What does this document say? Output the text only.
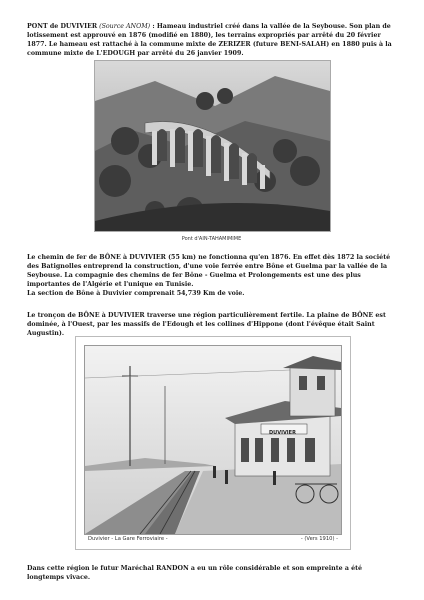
PONT de DUVIVIER (Source ANOM) : Hameau industriel créé dans la vallée de la Seybouse. Son plan de lotissement est approuvé en 1876 (modifié en 1880), les terrains expropriés par arrêté du 20 février 1877. Le hameau est rattaché à la commune mixte de ZERIZER (future BENI-SALAH) en 1880 puis à la commune mixte de L'EDOUGH par arrêté du 26 janvier 1909.

Pont d'AIN-TAHAMIMIME

Le chemin de fer de BÔNE à DUVIVIER (55 km) ne fonctionna qu'en 1876. En effet dès 1872 la société des Batignolles entreprend la construction, d'une voie ferrée entre Bône et Guelma par la vallée de la Seybouse. La compagnie des chemins de fer Bône - Guelma et Prolongements est une des plus importantes de l'Algérie et l'unique en Tunisie.
La section de Bône à Duvivier comprenait 54,739 Km de voie.

Le tronçon de BÔNE à DUVIVIER traverse une région particulièrement fertile. La plaine de BÔNE est dominée, à l'Ouest, par les massifs de l'Edough et les collines d'Hippone (dont l'évêque était Saint Augustin).

Duvivier - La Gare Ferroviaire -	- (Vers 1910) -
DUVIVIER

Dans cette région le futur Maréchal RANDON a eu un rôle considérable et son empreinte a été longtemps vivace.
